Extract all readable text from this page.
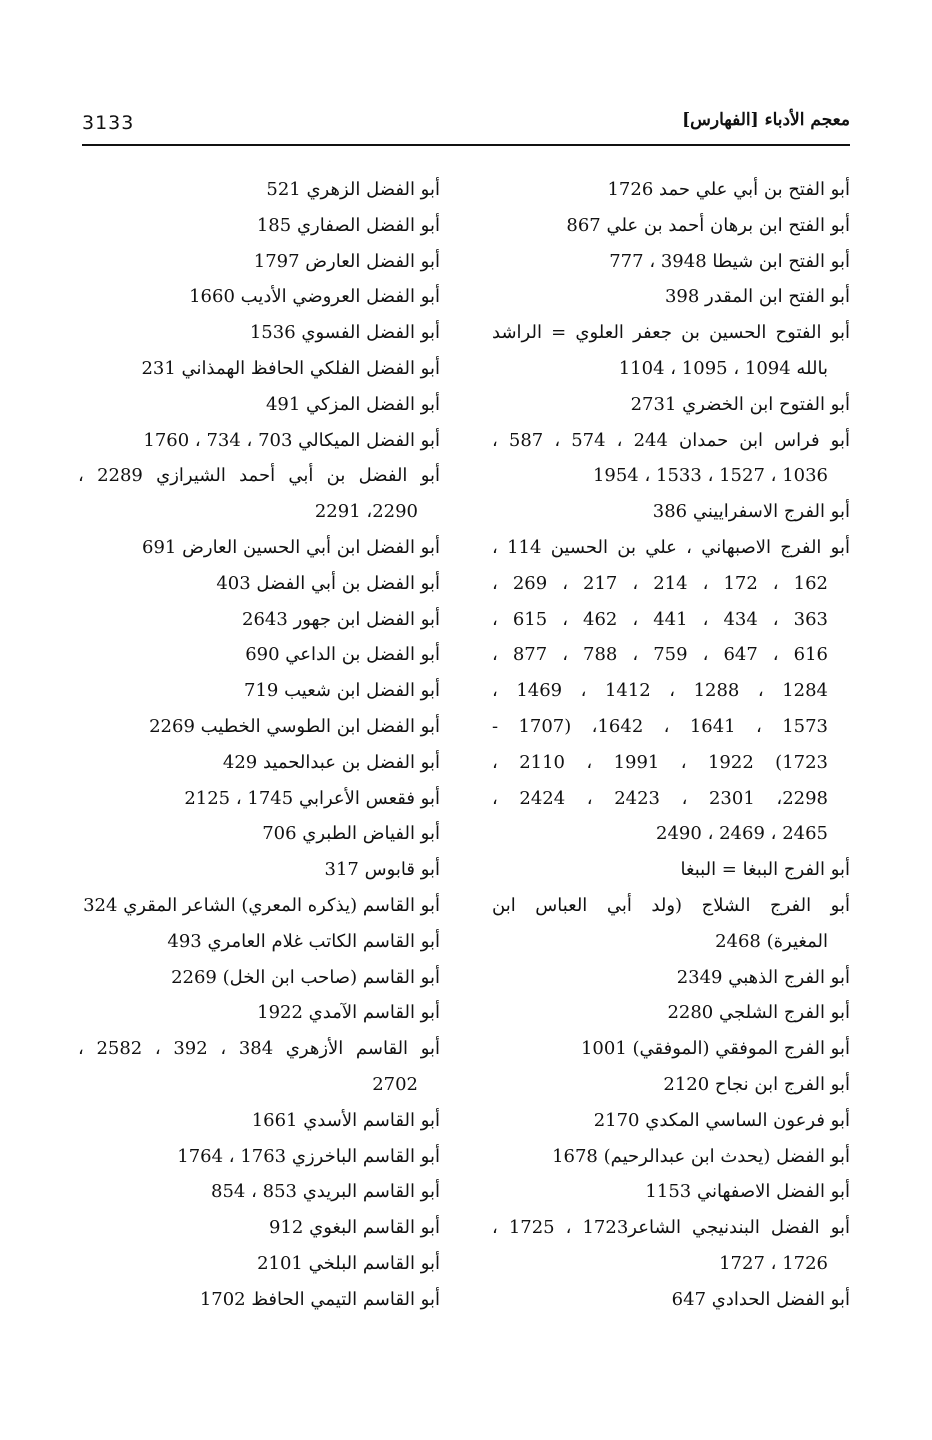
3133	معجم الأدباء [الفهارس]
أبو الفتح بن أبي علي حمد 1726
أبو الفتح ابن برهان أحمد بن علي 867
أبو الفتح ابن شيطا 3948 ، 777
أبو الفتح ابن المقدر 398
أبو الفتوح الحسين بن جعفر العلوي = الراشد
بالله 1094 ، 1095 ، 1104
أبو الفتوح ابن الخضري 2731
أبو فراس ابن حمدان 244 ، 574 ، 587 ،
1036 ، 1527 ، 1533 ، 1954
أبو الفرج الاسفراييني 386
أبو الفرج الاصبهاني ، علي بن الحسين 114 ،
162 ، 172 ، 214 ، 217 ، 269 ،
363 ، 434 ، 441 ، 462 ، 615 ،
616 ، 647 ، 759 ، 788 ، 877 ،
1284 ، 1288 ، 1412 ، 1469 ،
1573 ، 1641 ، 1642، (1707 -
1723) 1922 ، 1991 ، 2110 ،
2298، 2301 ، 2423 ، 2424 ،
2465 ، 2469 ، 2490
أبو الفرج الببغا = الببغا
أبو الفرج الشلاج (ولد أبي العباس ابن
المغيرة) 2468
أبو الفرج الذهبي 2349
أبو الفرج الشلجي 2280
أبو الفرج الموفقي (الموفقي) 1001
أبو الفرج ابن نجاح 2120
أبو فرعون الساسي المكدي 2170
أبو الفضل (يحدث ابن عبدالرحيم) 1678
أبو الفضل الاصفهاني 1153
أبو الفضل البندنيجي الشاعر1723 ، 1725 ،
1726 ، 1727
أبو الفضل الحدادي 647
أبو الفضل الزهري 521
أبو الفضل الصفاري 185
أبو الفضل العارض 1797
أبو الفضل العروضي الأديب 1660
أبو الفضل الفسوي 1536
أبو الفضل الفلكي الحافظ الهمذاني 231
أبو الفضل المزكي 491
أبو الفضل الميكالي 703 ، 734 ، 1760
أبو الفضل بن أبي أحمد الشيرازي 2289 ،
2290، 2291
أبو الفضل ابن أبي الحسين العارض 691
أبو الفضل بن أبي الفضل 403
أبو الفضل ابن جهور 2643
أبو الفضل بن الداعي 690
أبو الفضل ابن شعيب 719
أبو الفضل ابن الطوسي الخطيب 2269
أبو الفضل بن عبدالحميد 429
أبو فقعس الأعرابي 1745 ، 2125
أبو الفياض الطبري 706
أبو قابوس 317
أبو القاسم (يذكره المعري) الشاعر المقري 324
أبو القاسم الكاتب غلام العامري 493
أبو القاسم (صاحب ابن الخل) 2269
أبو القاسم الآمدي 1922
أبو القاسم الأزهري 384 ، 392 ، 2582 ،
2702
أبو القاسم الأسدي 1661
أبو القاسم الباخرزي 1763 ، 1764
أبو القاسم البريدي 853 ، 854
أبو القاسم البغوي 912
أبو القاسم البلخي 2101
أبو القاسم التيمي الحافظ 1702
